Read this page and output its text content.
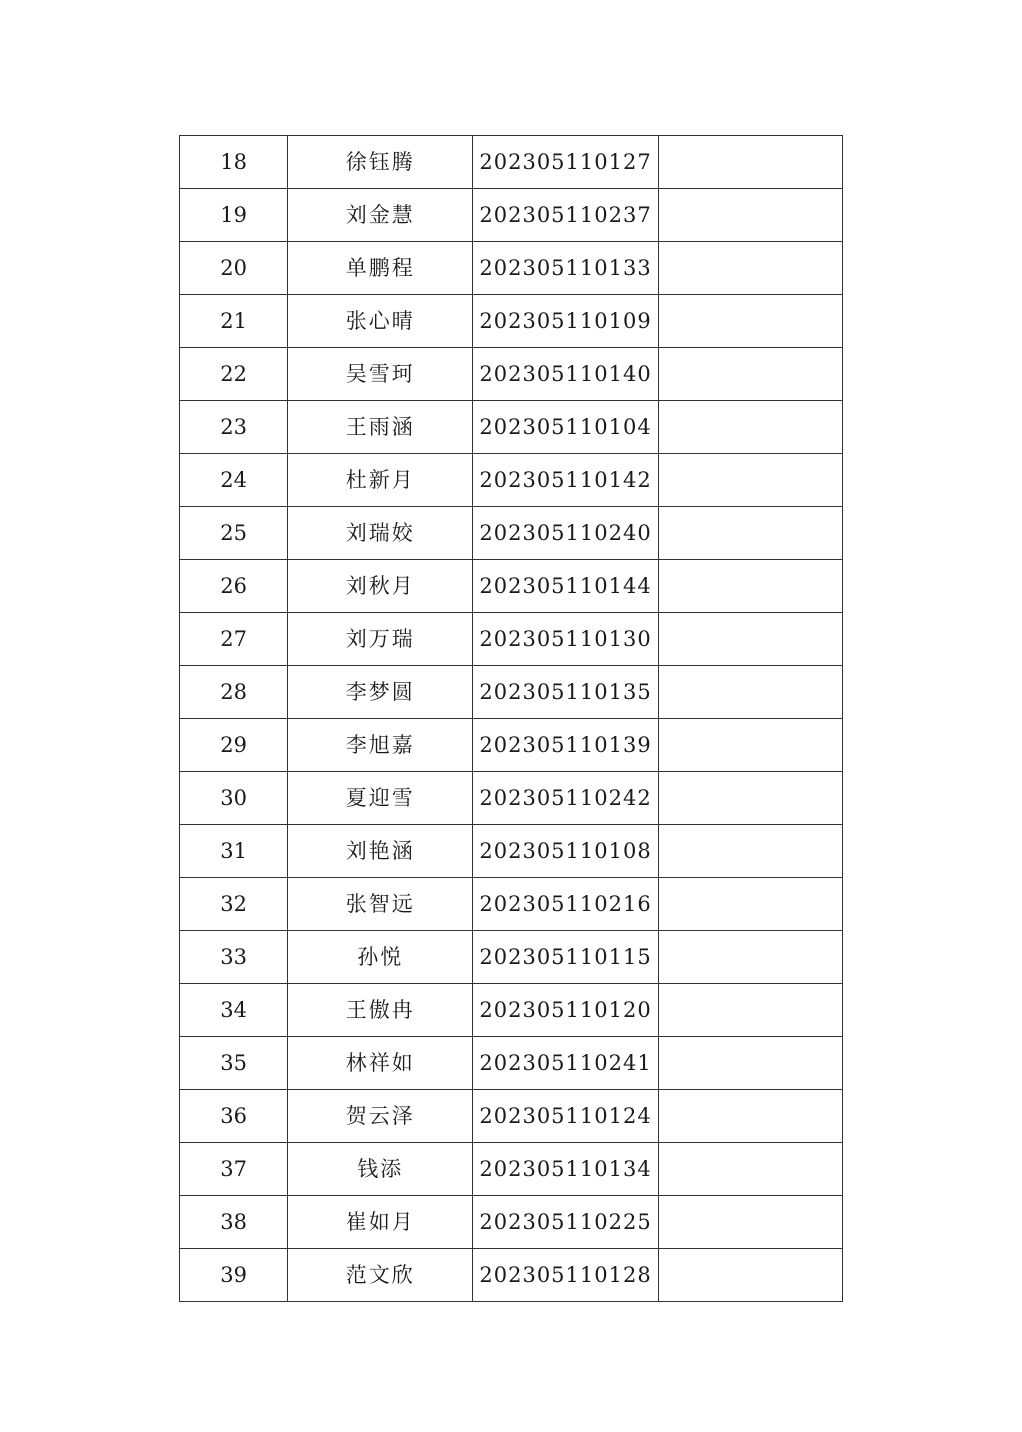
18	徐钰腾	202305110127	
19	刘金慧	202305110237	
20	单鹏程	202305110133	
21	张心晴	202305110109	
22	吴雪珂	202305110140	
23	王雨涵	202305110104	
24	杜新月	202305110142	
25	刘瑞姣	202305110240	
26	刘秋月	202305110144	
27	刘万瑞	202305110130	
28	李梦圆	202305110135	
29	李旭嘉	202305110139	
30	夏迎雪	202305110242	
31	刘艳涵	202305110108	
32	张智远	202305110216	
33	孙悦	202305110115	
34	王傲冉	202305110120	
35	林祥如	202305110241	
36	贺云泽	202305110124	
37	钱添	202305110134	
38	崔如月	202305110225	
39	范文欣	202305110128	
